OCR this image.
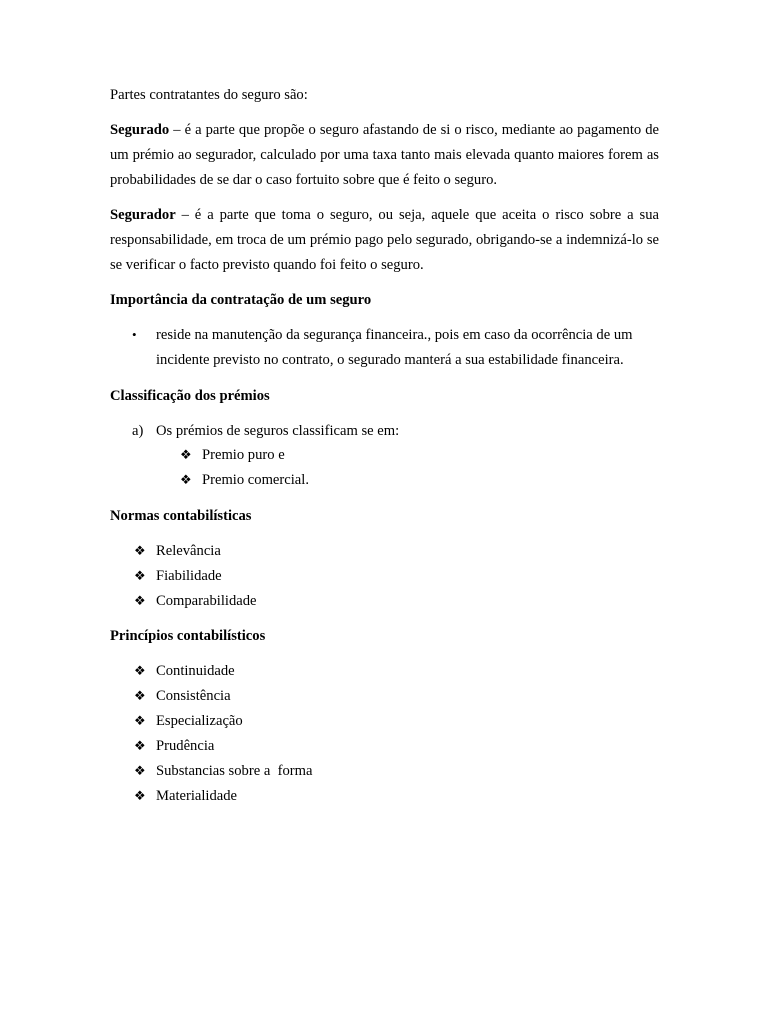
Partes contratantes do seguro são:

Segurado – é a parte que propõe o seguro afastando de si o risco, mediante ao pagamento de um prémio ao segurador, calculado por uma taxa tanto mais elevada quanto maiores forem as probabilidades de se dar o caso fortuito sobre que é feito o seguro.

Segurador – é a parte que toma o seguro, ou seja, aquele que aceita o risco sobre a sua responsabilidade, em troca de um prémio pago pelo segurado, obrigando-se a indemnizá-lo se se verificar o facto previsto quando foi feito o seguro.

Importância da contratação de um seguro

• reside na manutenção da segurança financeira., pois em caso da ocorrência de um

incidente previsto no contrato, o segurado manterá a sua estabilidade financeira.

Classificação dos prémios

a) Os prémios de seguros classificam se em:

❖ Premio puro e

❖ Premio comercial.

Normas contabilísticas

❖ Relevância

❖ Fiabilidade

❖ Comparabilidade

Princípios contabilísticos

❖ Continuidade

❖ Consistência

❖ Especialização

❖ Prudência

❖ Substancias sobre a  forma

❖ Materialidade
